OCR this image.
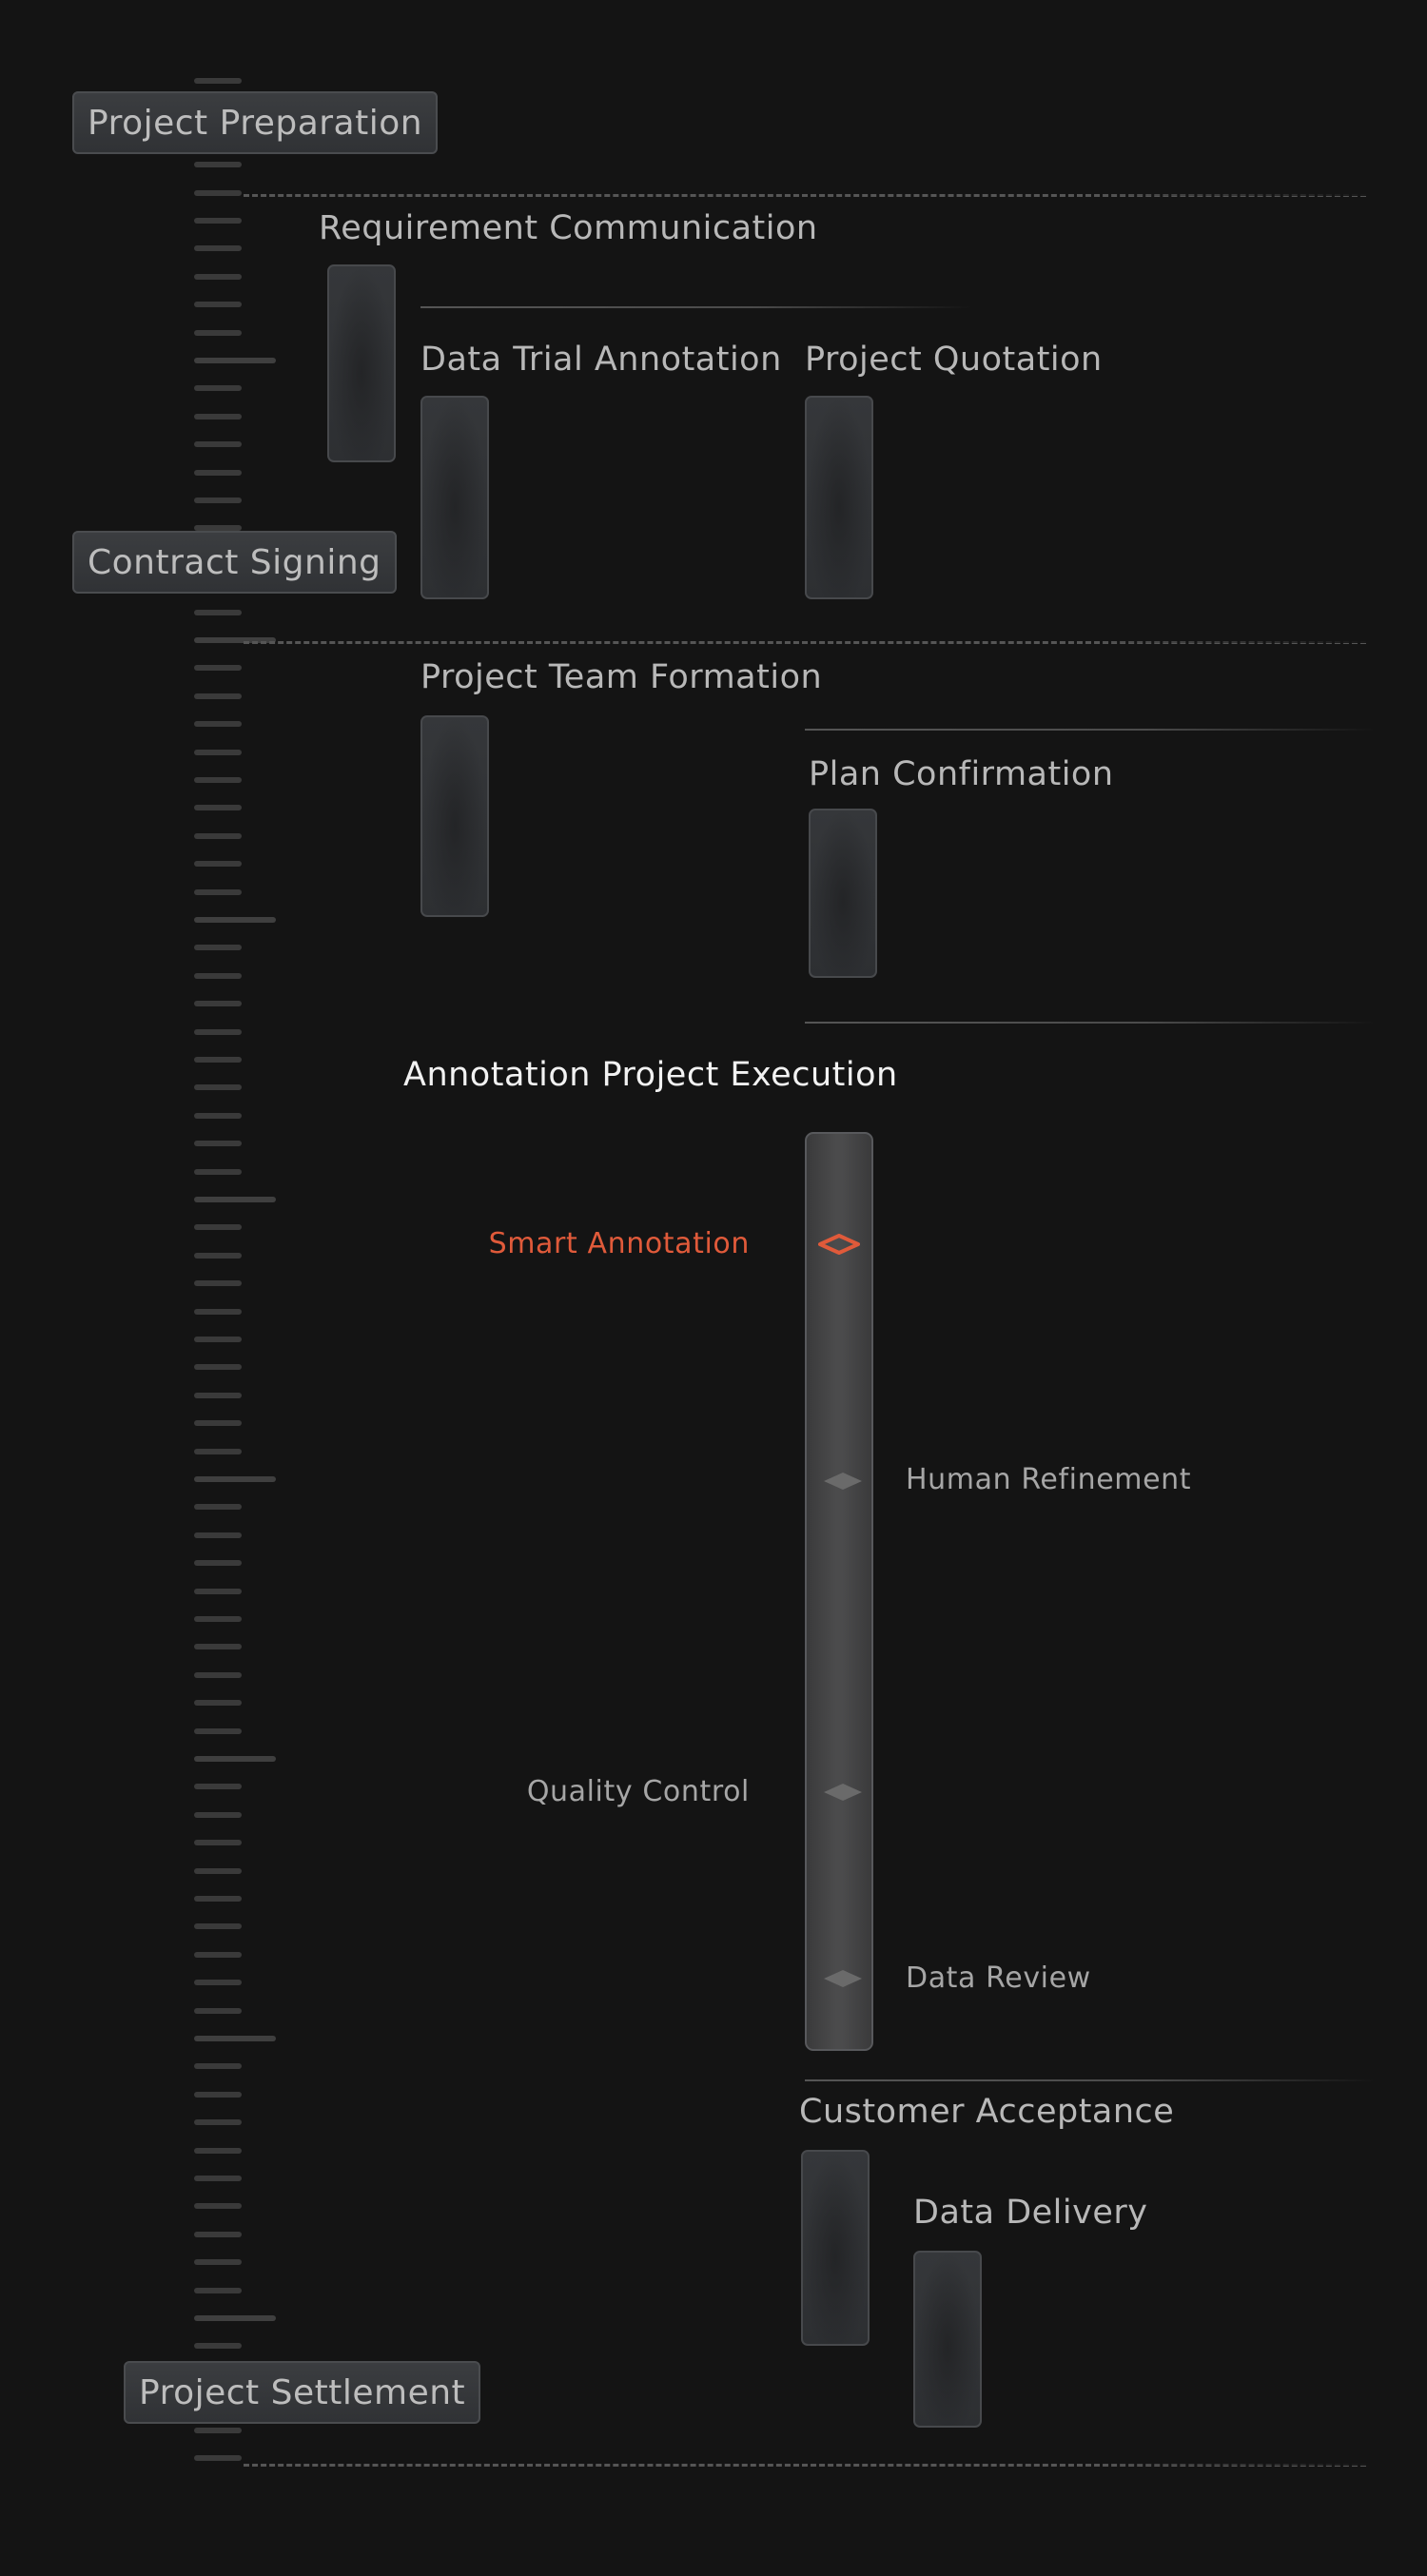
Project Preparation
Requirement Communication
Data Trial Annotation Project Quotation
Contract Signing
Project Team Formation
Plan Confirmation
Annotation Project Execution
Smart Annotation
Human Refinement
Quality Control
Data Review
Customer Acceptance
Data Delivery
Project Settlement
